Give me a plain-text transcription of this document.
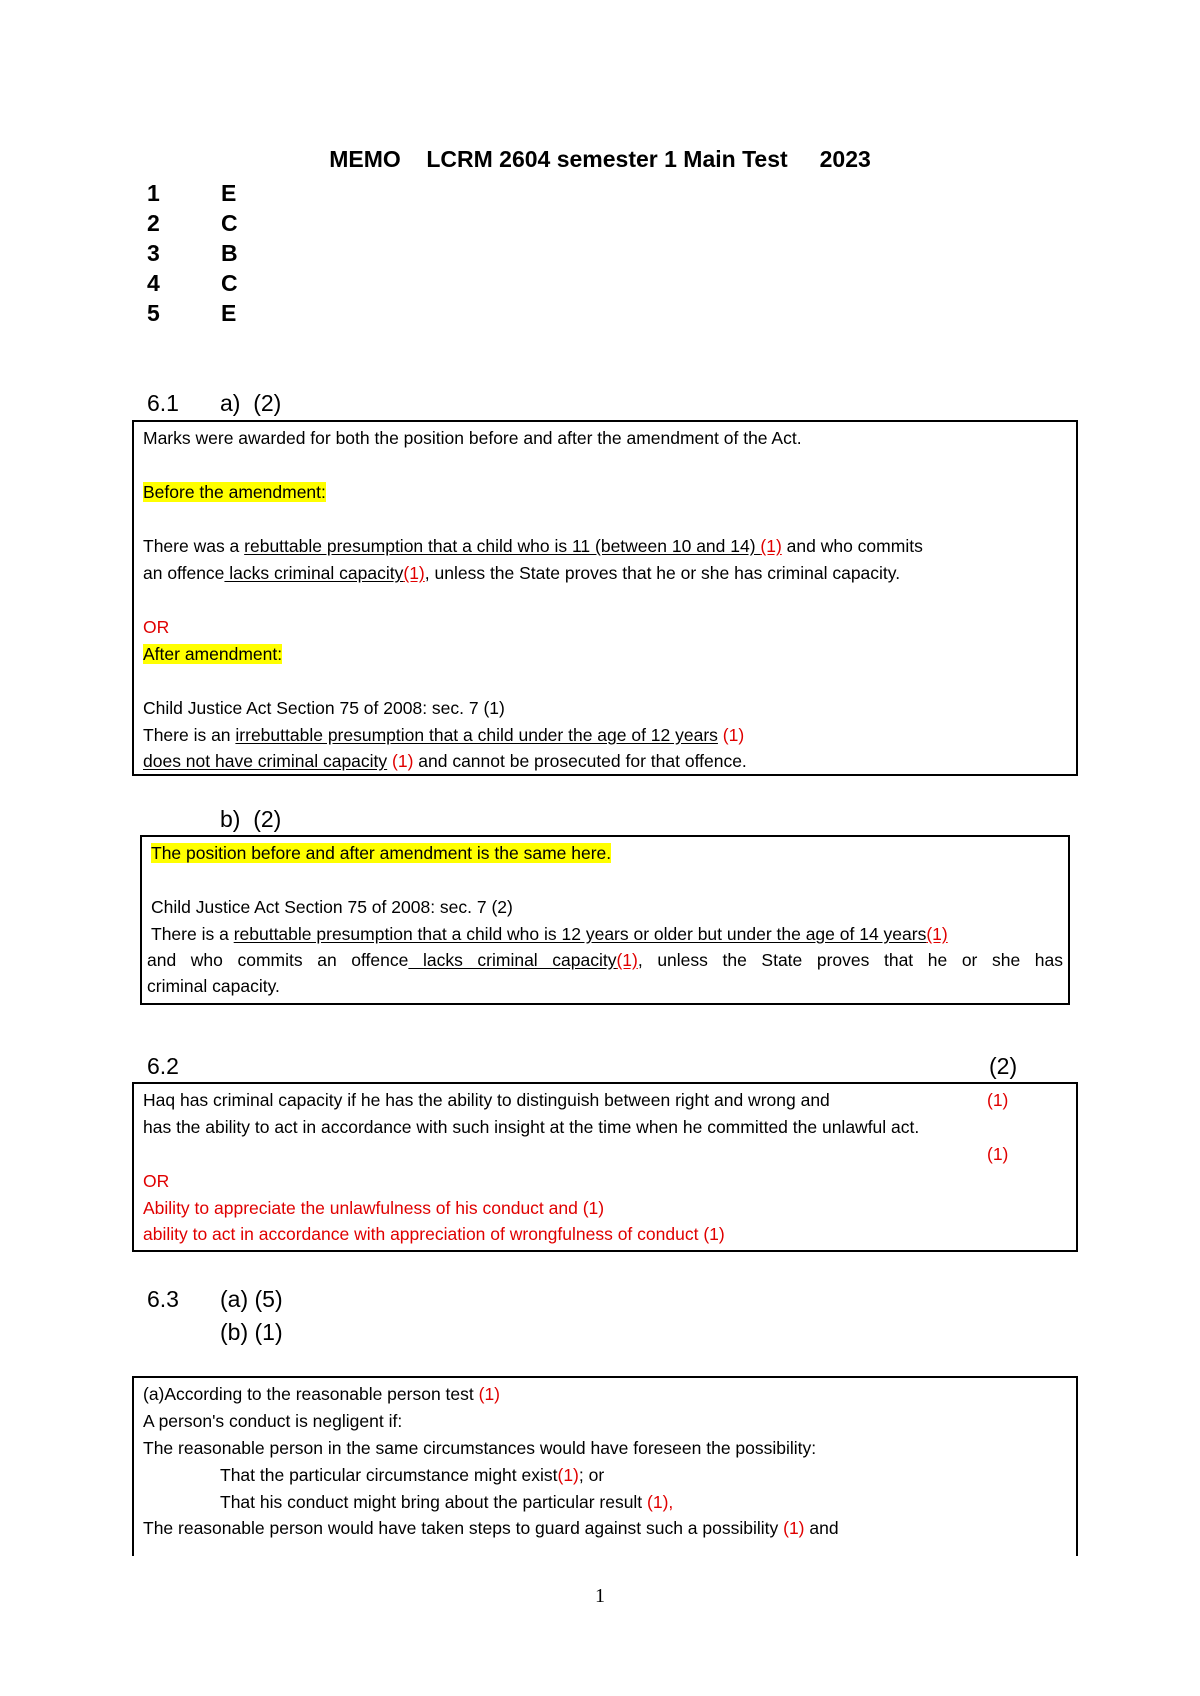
MEMO    LCRM 2604 semester 1 Main Test     2023
1	E
2	C
3	B
4	C
5	E
6.1 a)  (2)

Marks were awarded for both the position before and after the amendment of the Act.

Before the amendment:

There was a rebuttable presumption that a child who is 11 (between 10 and 14) (1) and who commits

an offence lacks criminal capacity(1), unless the State proves that he or she has criminal capacity.

OR

After amendment:

Child Justice Act Section 75 of 2008: sec. 7 (1)

There is an irrebuttable presumption that a child under the age of 12 years (1)

does not have criminal capacity (1) and cannot be prosecuted for that offence.

b)  (2)

The position before and after amendment is the same here.

Child Justice Act Section 75 of 2008: sec. 7 (2)

There is a rebuttable presumption that a child who is 12 years or older but under the age of 14 years(1)

and who commits an offence lacks criminal capacity(1), unless the State proves that he or she has

criminal capacity.

6.2	(2)

Haq has criminal capacity if he has the ability to distinguish between right and wrong and	(1)

has the ability to act in accordance with such insight at the time when he committed the unlawful act.

(1)

OR

Ability to appreciate the unlawfulness of his conduct and (1)

ability to act in accordance with appreciation of wrongfulness of conduct (1)

6.3 (a) (5)
(b) (1)

(a)According to the reasonable person test (1)

A person's conduct is negligent if:

The reasonable person in the same circumstances would have foreseen the possibility:

That the particular circumstance might exist(1); or

That his conduct might bring about the particular result (1),

The reasonable person would have taken steps to guard against such a possibility (1) and

1
